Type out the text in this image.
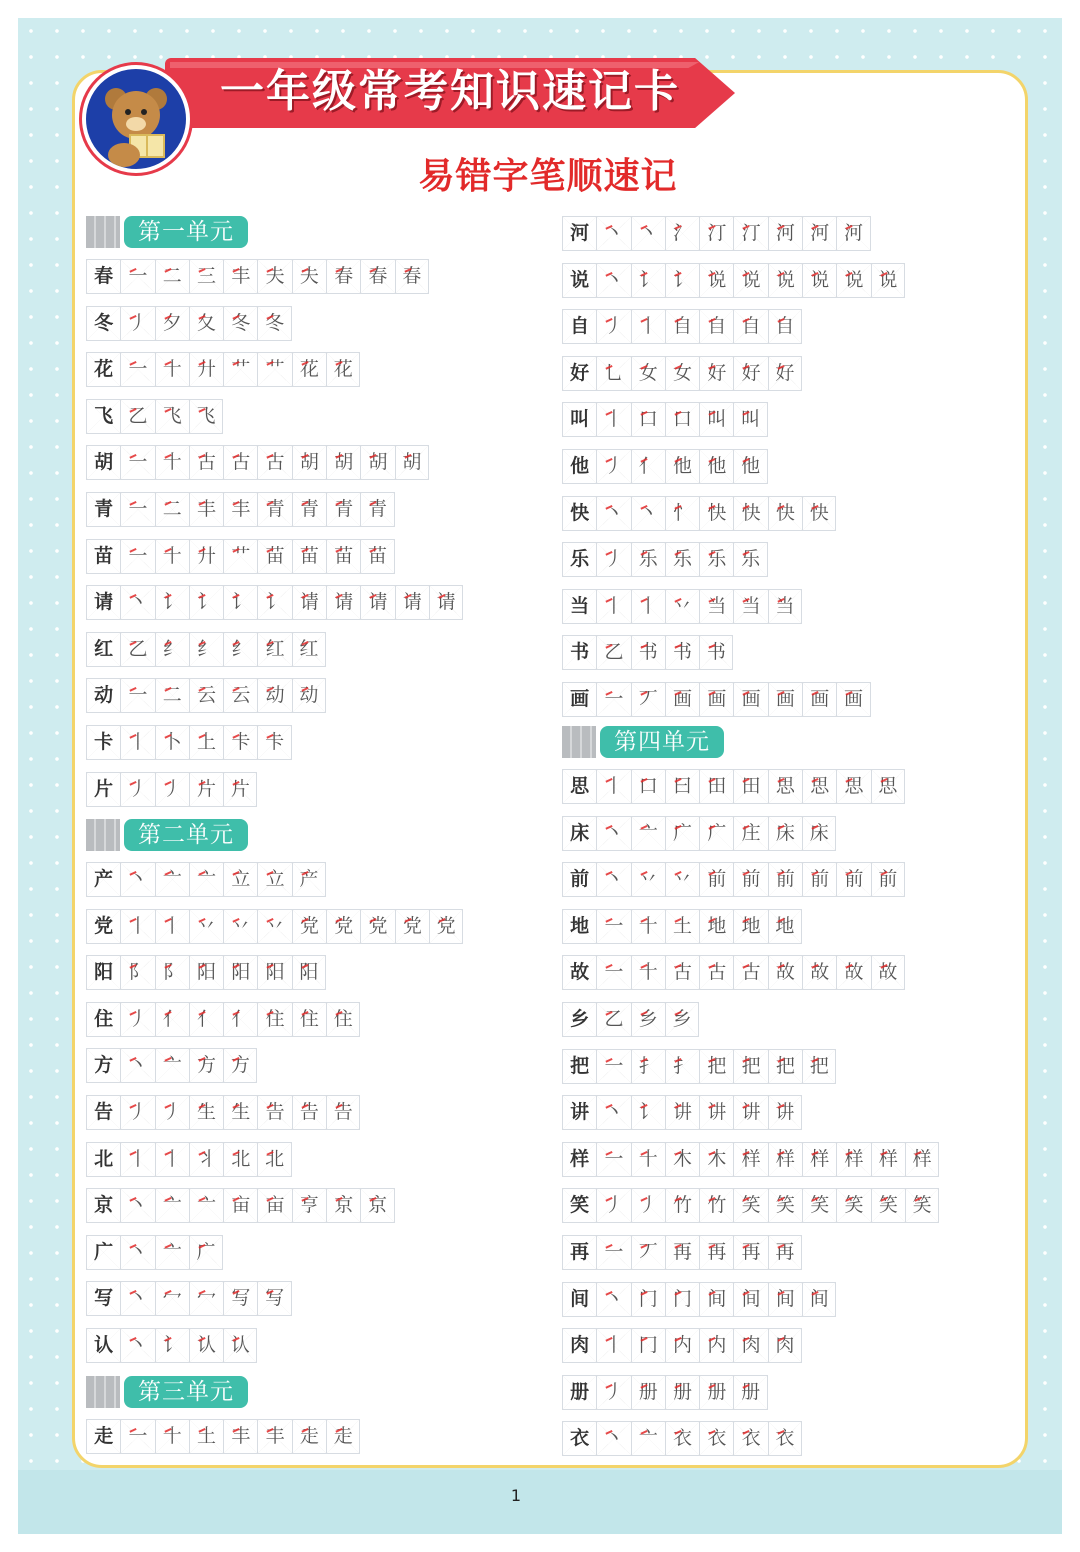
一年级常考知识速记卡
易错字笔顺速记
第一单元
春 一 二 三 丰 夫 夫 春 春 春
冬 丿 夕 夂 冬 冬
花 一 十 廾 艹 艹 花 花
飞 乙 飞 飞
胡 一 十 古 古 古 胡 胡 胡 胡
青 一 二 丰 丰 青 青 青 青
苗 一 十 廾 艹 苗 苗 苗 苗
请 丶 讠 讠 讠 讠 请 请 请 请 请
红 乙 纟 纟 纟 红 红
动 一 二 云 云 动 动
卡 丨 卜 上 卡 卡
片 丿 丿 片 片
第二单元
产 丶 亠 亠 立 立 产
党 丨 丨 丷 丷 丷 党 党 党 党 党
阳 阝 阝 阳 阳 阳 阳
住 丿 亻 亻 亻 住 住 住
方 丶 亠 方 方
告 丿 丿 生 生 告 告 告
北 丨 丨 丬 北 北
京 丶 亠 亠 亩 亩 亨 京 京
广 丶 亠 广
写 丶 冖 冖 写 写
认 丶 讠 认 认
第三单元
走 一 十 土 丰 丰 走 走
河 丶 丶 氵 汀 汀 河 河 河
说 丶 讠 讠 说 说 说 说 说 说
自 丿 丨 自 自 自 自
好 乚 女 女 好 好 好
叫 丨 口 口 叫 叫
他 丿 亻 他 他 他
快 丶 丶 忄 快 快 快 快
乐 丿 乐 乐 乐 乐
当 丨 丨 丷 当 当 当
书 乙 书 书 书
画 一 丆 画 画 画 画 画 画
第四单元
思 丨 口 曰 田 田 思 思 思 思
床 丶 亠 广 广 庄 床 床
前 丶 丷 丷 前 前 前 前 前 前
地 一 十 土 地 地 地
故 一 十 古 古 古 故 故 故 故
乡 乙 乡 乡
把 一 扌 扌 把 把 把 把
讲 丶 讠 讲 讲 讲 讲
样 一 十 木 木 样 样 样 样 样 样
笑 丿 丿 竹 竹 笑 笑 笑 笑 笑 笑
再 一 丆 再 再 再 再
间 丶 门 门 间 间 间 间
肉 丨 冂 内 内 肉 肉
册 丿 册 册 册 册
衣 丶 亠 衣 衣 衣 衣
1
